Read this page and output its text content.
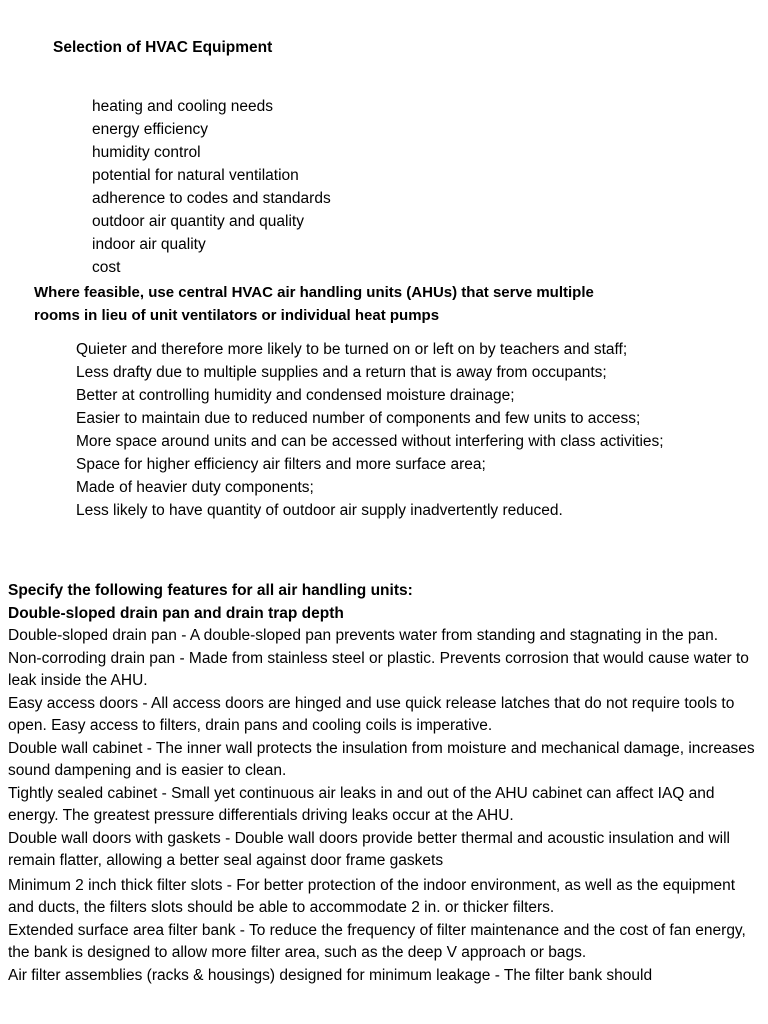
Selection of HVAC Equipment
heating and cooling needs
energy efficiency
humidity control
potential for natural ventilation
adherence to codes and standards
outdoor air quantity and quality
indoor air quality
cost
Where feasible, use central HVAC air handling units (AHUs) that serve multiple
rooms in lieu of unit ventilators or individual heat pumps
Quieter and therefore more likely to be turned on or left on by teachers and staff;
Less drafty due to multiple supplies and a return that is away from occupants;
Better at controlling humidity and condensed moisture drainage;
Easier to maintain due to reduced number of components and few units to access;
More space around units and can be accessed without interfering with class activities;
Space for higher efficiency air filters and more surface area;
Made of heavier duty components;
Less likely to have quantity of outdoor air supply inadvertently reduced.
Specify the following features for all air handling units:
Double-sloped drain pan and drain trap depth

Double-sloped drain pan - A double-sloped pan prevents water from standing and stagnating in the pan.

Non-corroding drain pan - Made from stainless steel or plastic. Prevents corrosion that would cause water to leak inside the AHU.

Easy access doors - All access doors are hinged and use quick release latches that do not require tools to open. Easy access to filters, drain pans and cooling coils is imperative.

Double wall cabinet - The inner wall protects the insulation from moisture and mechanical damage, increases sound dampening and is easier to clean.

Tightly sealed cabinet - Small yet continuous air leaks in and out of the AHU cabinet can affect IAQ and energy. The greatest pressure differentials driving leaks occur at the AHU.

Double wall doors with gaskets - Double wall doors provide better thermal and acoustic insulation and will remain flatter, allowing a better seal against door frame gaskets

Minimum 2 inch thick filter slots - For better protection of the indoor environment, as well as the equipment and ducts, the filters slots should be able to accommodate 2 in. or thicker filters.

Extended surface area filter bank - To reduce the frequency of filter maintenance and the cost of fan energy, the bank is designed to allow more filter area, such as the deep V approach or bags.

Air filter assemblies (racks & housings) designed for minimum leakage - The filter bank should
